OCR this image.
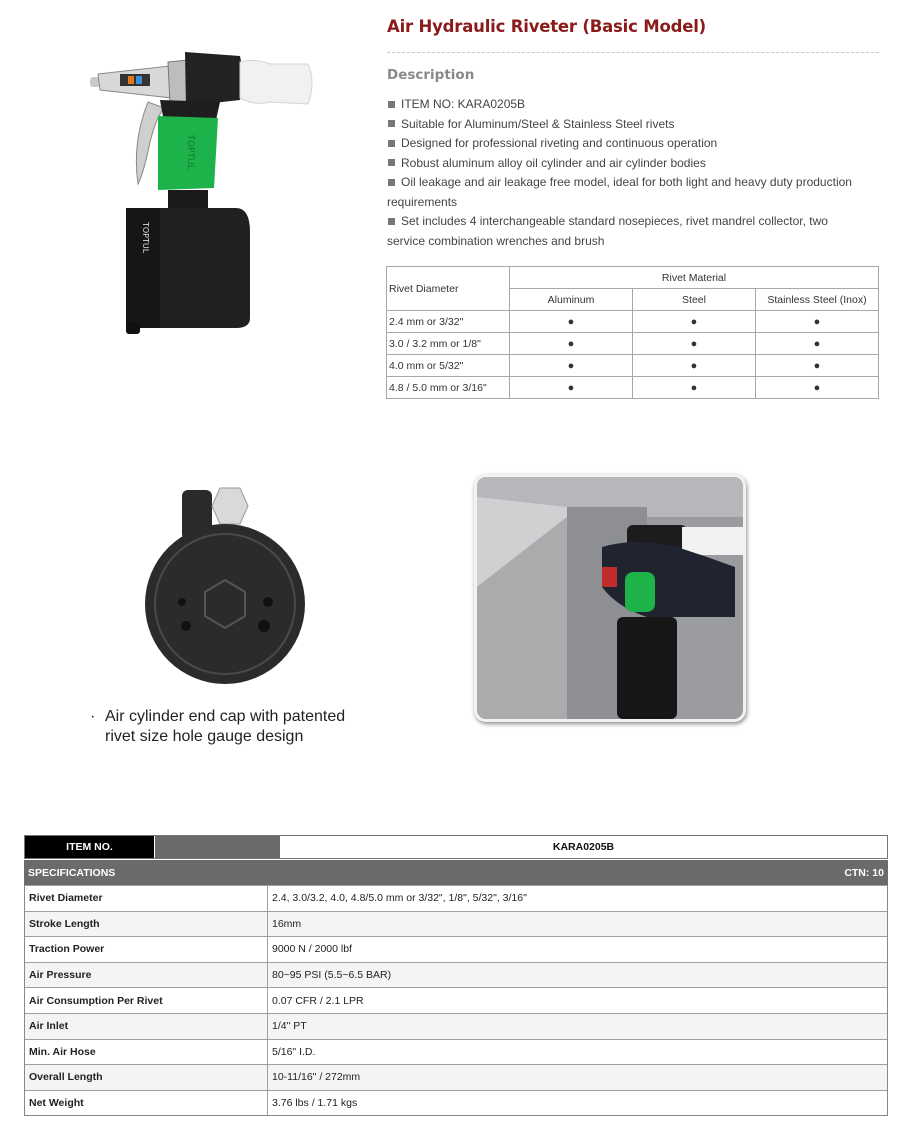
TOPTUL
TOPTUL
Air Hydraulic Riveter (Basic Model)
Description
ITEM NO: KARA0205B
Suitable for Aluminum/Steel & Stainless Steel rivets
Designed for professional riveting and continuous operation
Robust aluminum alloy oil cylinder and air cylinder bodies
Oil leakage and air leakage free model, ideal for both light and heavy duty production requirements
Set includes 4 interchangeable standard nosepieces, rivet mandrel collector, two service combination wrenches and brush
Rivet Diameter	Rivet Material		
	Aluminum	Steel	Stainless Steel (Inox)
2.4 mm or 3/32"	●	●	●
3.0 / 3.2 mm or 1/8"	●	●	●
4.0 mm or 5/32"	●	●	●
4.8 / 5.0 mm or 3/16"	●	●	●
· Air cylinder end cap with patented
rivet size hole gauge design
ITEM NO.	KARA0205B
SPECIFICATIONS	CTN: 10
Rivet Diameter	2.4, 3.0/3.2, 4.0, 4.8/5.0 mm or 3/32", 1/8", 5/32", 3/16"
Stroke Length	16mm
Traction Power	9000 N / 2000 lbf
Air Pressure	80~95 PSI (5.5~6.5 BAR)
Air Consumption Per Rivet	0.07 CFR / 2.1 LPR
Air Inlet	1/4" PT
Min. Air Hose	5/16" I.D.
Overall Length	10-11/16" / 272mm
Net Weight	3.76 lbs / 1.71 kgs
